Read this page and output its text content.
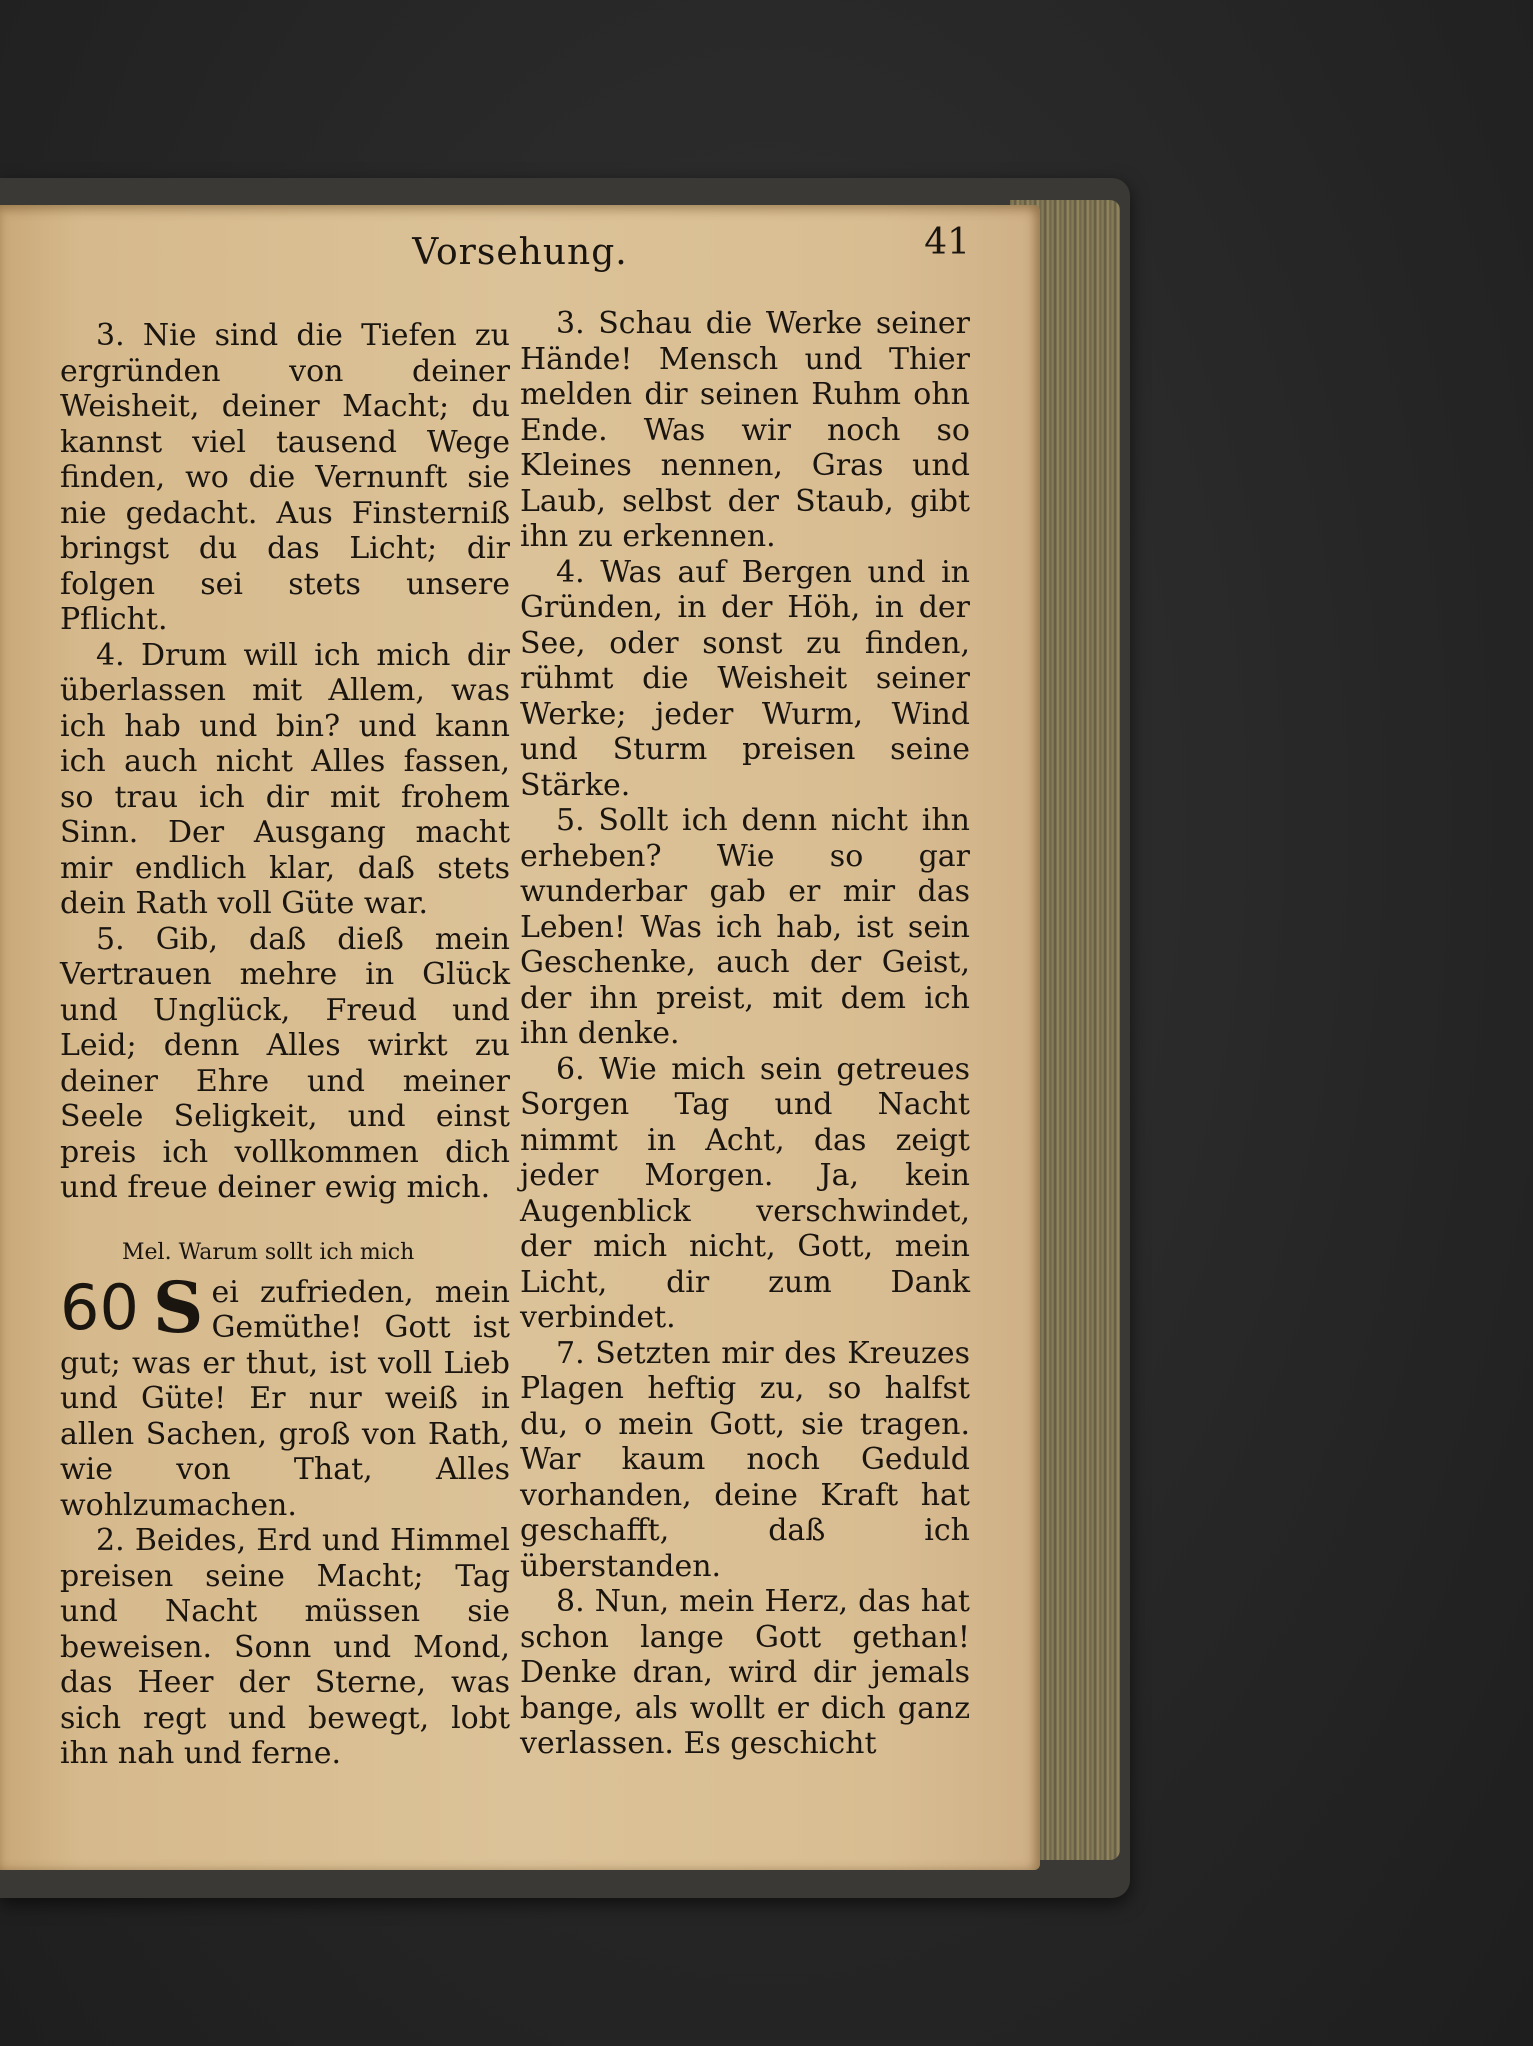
Vorsehung.	41

3. Nie sind die Tiefen zu ergründen von deiner Weisheit, deiner Macht; du kannst viel tausend Wege finden, wo die Vernunft sie nie gedacht. Aus Finsterniß bringst du das Licht; dir folgen sei stets unsere Pflicht.

4. Drum will ich mich dir überlassen mit Allem, was ich hab und bin? und kann ich auch nicht Alles fassen, so trau ich dir mit frohem Sinn. Der Ausgang macht mir endlich klar, daß stets dein Rath voll Güte war.

5. Gib, daß dieß mein Vertrauen mehre in Glück und Unglück, Freud und Leid; denn Alles wirkt zu deiner Ehre und meiner Seele Seligkeit, und einst preis ich vollkommen dich und freue deiner ewig mich.

Mel. Warum sollt ich mich
60 S ei zufrieden, mein Gemüthe! Gott ist gut; was er thut, ist voll Lieb und Güte! Er nur weiß in allen Sachen, groß von Rath, wie von That, Alles wohlzumachen.

2. Beides, Erd und Himmel preisen seine Macht; Tag und Nacht müssen sie beweisen. Sonn und Mond, das Heer der Sterne, was sich regt und bewegt, lobt ihn nah und ferne.

3. Schau die Werke seiner Hände! Mensch und Thier melden dir seinen Ruhm ohn Ende. Was wir noch so Kleines nennen, Gras und Laub, selbst der Staub, gibt ihn zu erkennen.

4. Was auf Bergen und in Gründen, in der Höh, in der See, oder sonst zu finden, rühmt die Weisheit seiner Werke; jeder Wurm, Wind und Sturm preisen seine Stärke.

5. Sollt ich denn nicht ihn erheben? Wie so gar wunderbar gab er mir das Leben! Was ich hab, ist sein Geschenke, auch der Geist, der ihn preist, mit dem ich ihn denke.

6. Wie mich sein getreues Sorgen Tag und Nacht nimmt in Acht, das zeigt jeder Morgen. Ja, kein Augenblick verschwindet, der mich nicht, Gott, mein Licht, dir zum Dank verbindet.

7. Setzten mir des Kreuzes Plagen heftig zu, so halfst du, o mein Gott, sie tragen. War kaum noch Geduld vorhanden, deine Kraft hat geschafft, daß ich überstanden.

8. Nun, mein Herz, das hat schon lange Gott gethan! Denke dran, wird dir jemals bange, als wollt er dich ganz verlassen. Es geschicht
